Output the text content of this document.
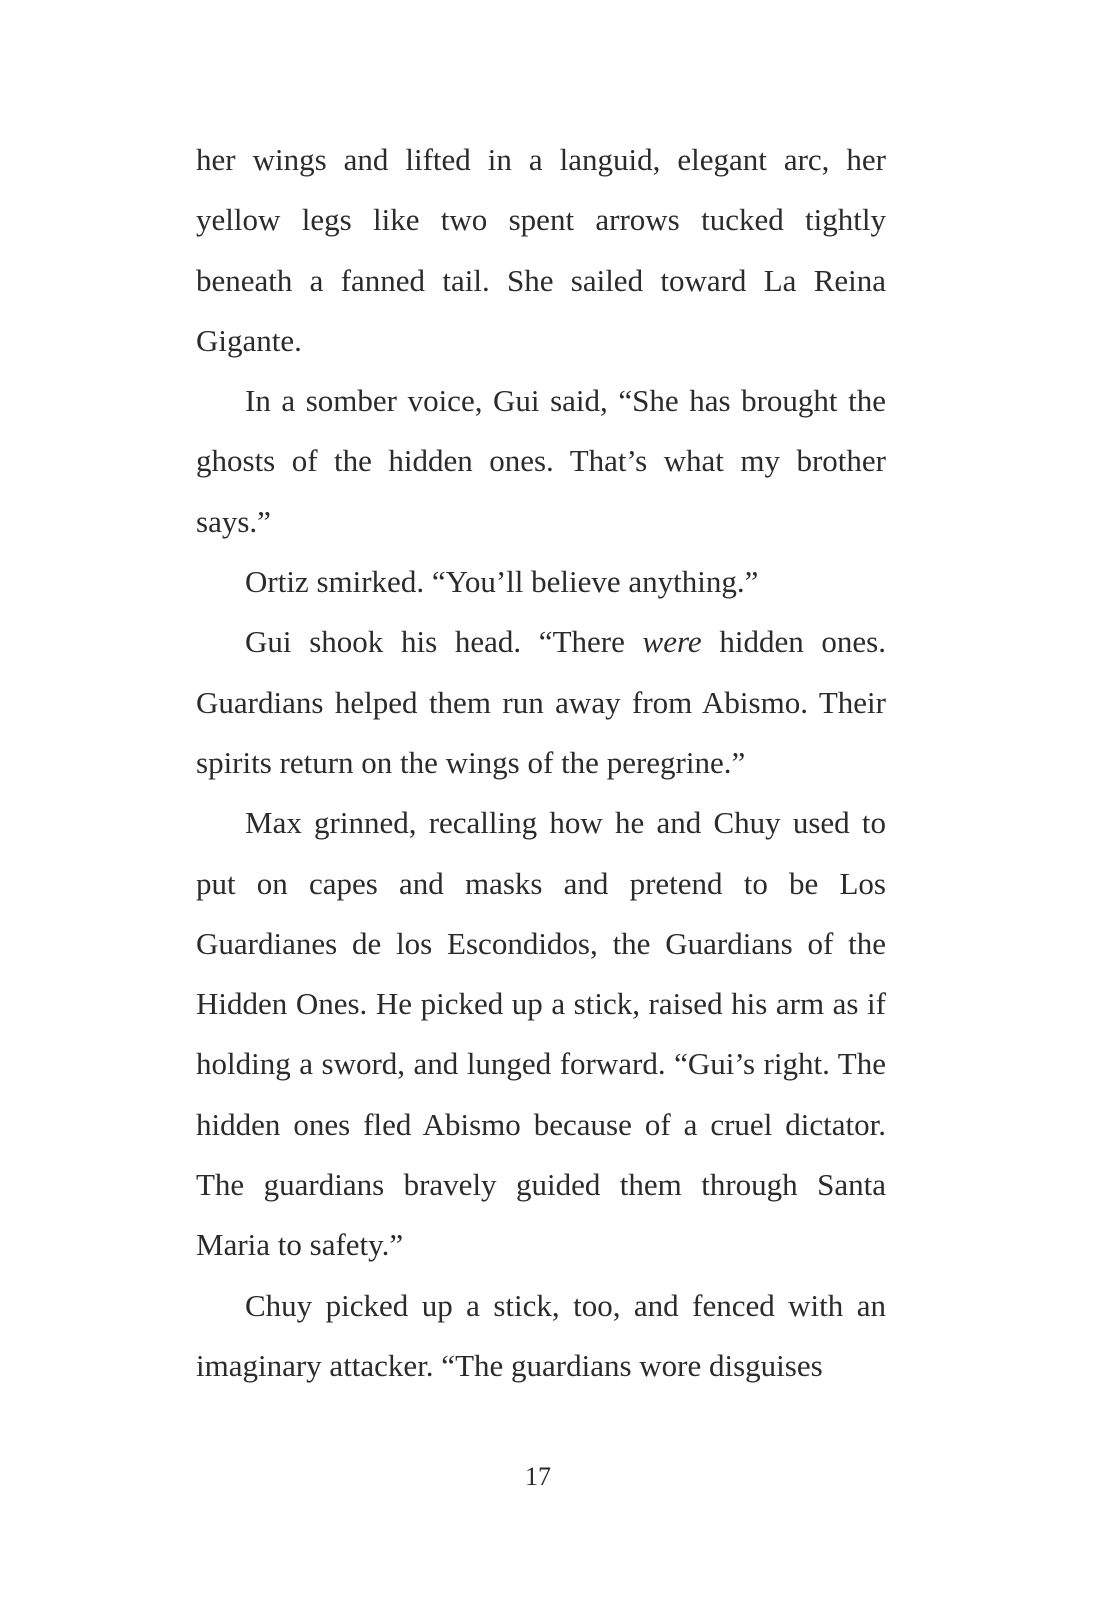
her wings and lifted in a languid, elegant arc, her yellow legs like two spent arrows tucked tightly beneath a fanned tail. She sailed toward La Reina Gigante.

In a somber voice, Gui said, “She has brought the ghosts of the hidden ones. That’s what my brother says.”

Ortiz smirked. “You’ll believe anything.”

Gui shook his head. “There were hidden ones. Guardians helped them run away from Abismo. Their spirits return on the wings of the peregrine.”

Max grinned, recalling how he and Chuy used to put on capes and masks and pretend to be Los Guardianes de los Escondidos, the Guardians of the Hidden Ones. He picked up a stick, raised his arm as if holding a sword, and lunged forward. “Gui’s right. The hidden ones fled Abismo because of a cruel dictator. The guardians bravely guided them through Santa Maria to safety.”

Chuy picked up a stick, too, and fenced with an imaginary attacker. “The guardians wore disguises

17
